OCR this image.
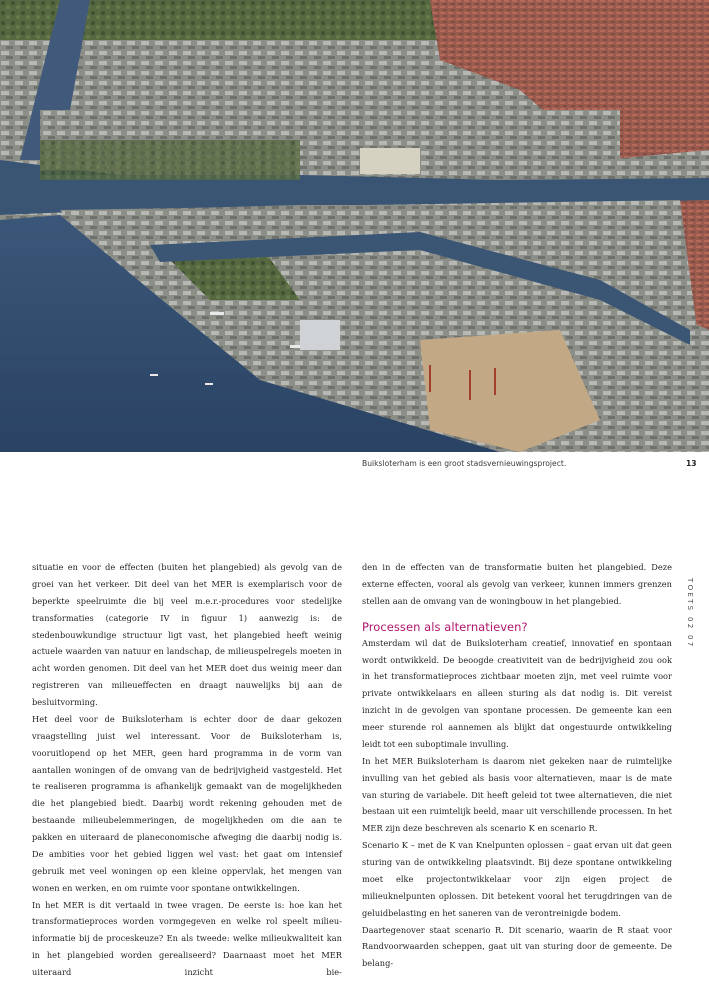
Buiksloterham is een groot stadsvernieuwingsproject.	13
TOETS 02 07

situatie en voor de effecten (buiten het plangebied) als gevolg van de groei van het verkeer. Dit deel van het MER is exemplarisch voor de beperkte speelruimte die bij veel m.e.r.-procedures voor stedelijke transformaties (categorie IV in figuur 1) aanwezig is: de stedenbouwkundige structuur ligt vast, het plangebied heeft weinig actuele waarden van natuur en landschap, de milieuspelregels moeten in acht worden genomen. Dit deel van het MER doet dus weinig meer dan registreren van milieueffecten en draagt nauwelijks bij aan de besluitvorming.

Het deel voor de Buiksloterham is echter door de daar gekozen vraagstelling juist wel interessant. Voor de Buiksloterham is, vooruitlopend op het MER, geen hard programma in de vorm van aantallen woningen of de omvang van de bedrijvigheid vastgesteld. Het te realiseren programma is afhankelijk gemaakt van de mogelijkheden die het plangebied biedt. Daarbij wordt rekening gehouden met de bestaande milieubelemmeringen, de mogelijkheden om die aan te pakken en uiteraard de planeconomische afweging die daarbij nodig is. De ambities voor het gebied liggen wel vast: het gaat om intensief gebruik met veel woningen op een kleine oppervlak, het mengen van wonen en werken, en om ruimte voor spontane ontwikkelingen.

In het MER is dit vertaald in twee vragen. De eerste is: hoe kan het transformatieproces worden vormgegeven en welke rol speelt milieu-informatie bij de proceskeuze? En als tweede: welke milieukwaliteit kan in het plangebied worden gerealiseerd? Daarnaast moet het MER uiteraard inzicht bie-

den in de effecten van de transformatie buiten het plangebied. Deze externe effecten, vooral als gevolg van verkeer, kunnen immers grenzen stellen aan de omvang van de woningbouw in het plangebied.

Processen als alternatieven?

Amsterdam wil dat de Buiksloterham creatief, innovatief en spontaan wordt ontwikkeld. De beoogde creativiteit van de bedrijvigheid zou ook in het transformatieproces zichtbaar moeten zijn, met veel ruimte voor private ontwikkelaars en alleen sturing als dat nodig is. Dit vereist inzicht in de gevolgen van spontane processen. De gemeente kan een meer sturende rol aannemen als blijkt dat ongestuurde ontwikkeling leidt tot een suboptimale invulling.

In het MER Buiksloterham is daarom niet gekeken naar de ruimtelijke invulling van het gebied als basis voor alternatieven, maar is de mate van sturing de variabele. Dit heeft geleid tot twee alternatieven, die niet bestaan uit een ruimtelijk beeld, maar uit verschillende processen. In het MER zijn deze beschreven als scenario K en scenario R.

Scenario K – met de K van Knelpunten oplossen – gaat ervan uit dat geen sturing van de ontwikkeling plaatsvindt. Bij deze spontane ontwikkeling moet elke projectontwikkelaar voor zijn eigen project de milieuknelpunten oplossen. Dit betekent vooral het terugdringen van de geluidbelasting en het saneren van de verontreinigde bodem.

Daartegenover staat scenario R. Dit scenario, waarin de R staat voor Randvoorwaarden scheppen, gaat uit van sturing door de gemeente. De belang-
